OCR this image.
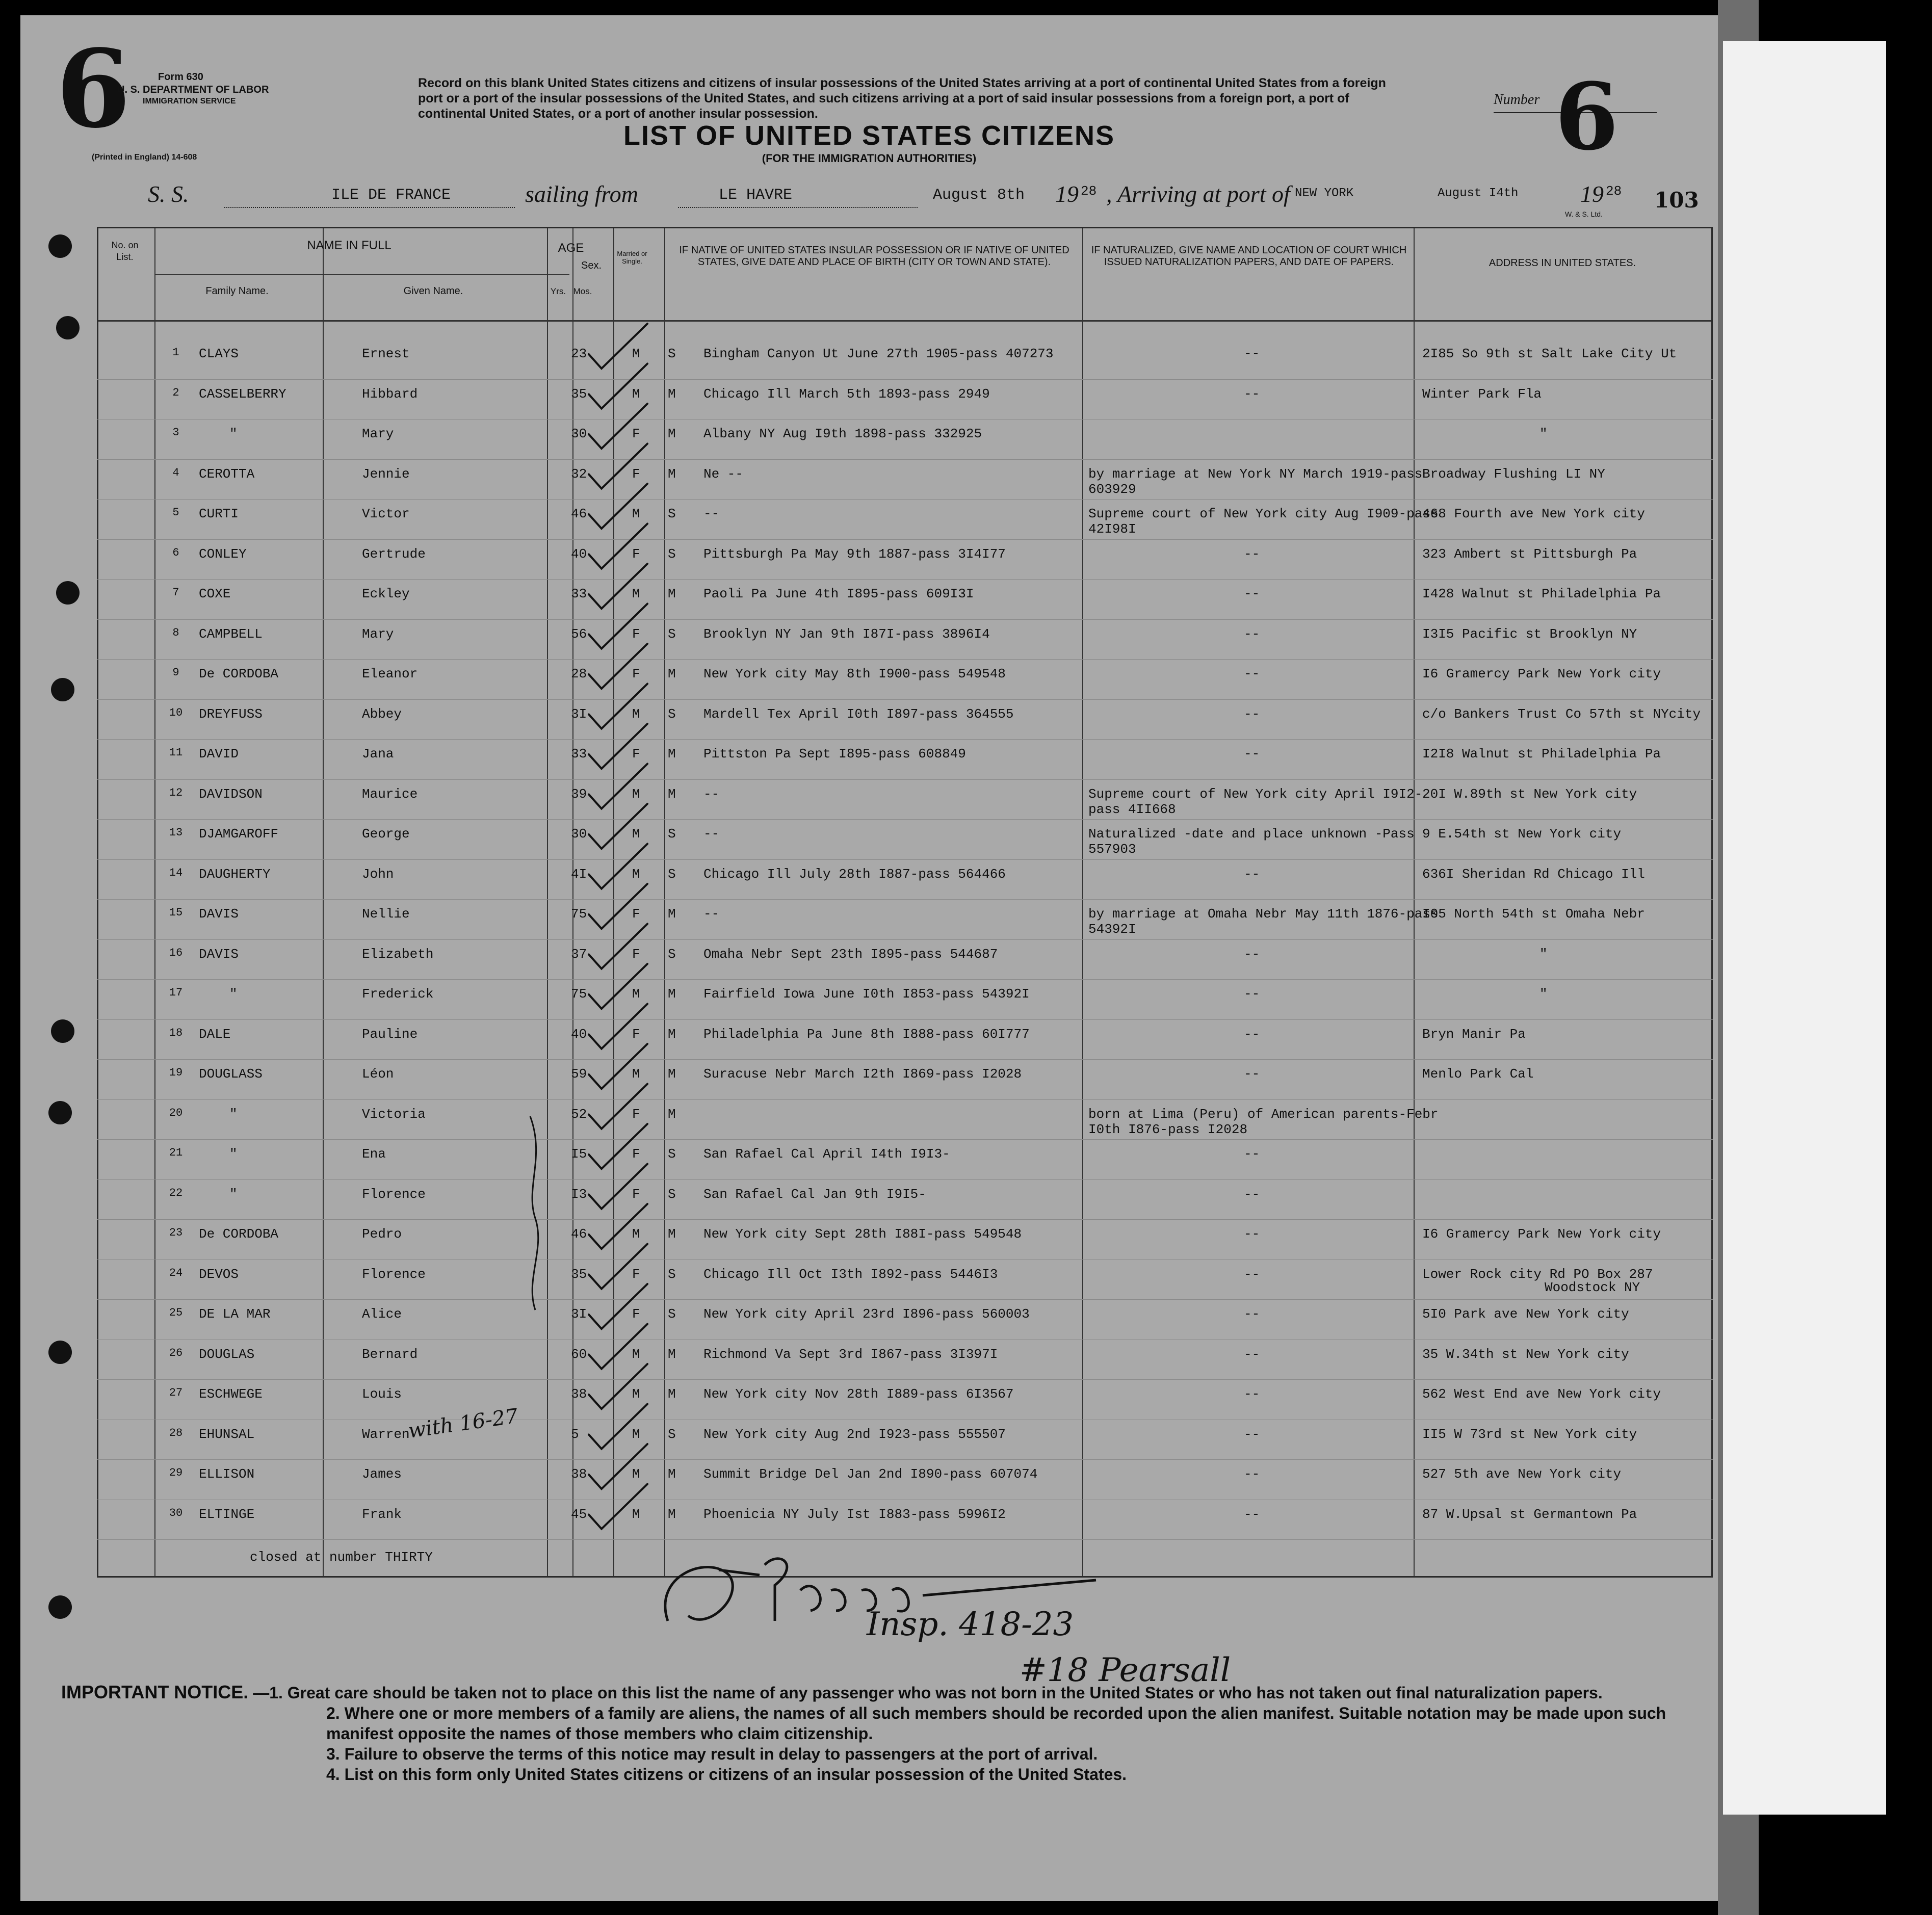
6	Form 630
U. S. DEPARTMENT OF LABOR
IMMIGRATION SERVICE
(Printed in England) 14-608
Record on this blank United States citizens and citizens of insular possessions of the United States arriving at a port of continental United States from a foreign port or a port of the insular possessions of the United States, and such citizens arriving at a port of said insular possessions from a foreign port, a port of continental United States, or a port of another insular possession.
LIST OF UNITED STATES CITIZENS
(FOR THE IMMIGRATION AUTHORITIES)
Number 6
103
W. & S. Ltd.
S. S.	ILE DE FRANCE	sailing from	LE HAVRE	August 8th 19 28 , Arriving at port of NEW YORK	August I4th	19 28
No. on List.
NAME IN FULL
Family Name.	Given Name.
AGE
Yrs. Mos.
Sex.
Married or Single.
IF NATIVE OF UNITED STATES INSULAR POSSESSION OR IF NATIVE OF UNITED STATES, GIVE DATE AND PLACE OF BIRTH (CITY OR TOWN AND STATE).
IF NATURALIZED, GIVE NAME AND LOCATION OF COURT WHICH ISSUED NATURALIZATION PAPERS, AND DATE OF PAPERS.	ADDRESS IN UNITED STATES.
1	CLAYS	Ernest	23	M S Bingham Canyon Ut June 27th 1905-pass 407273	--	2I85 So 9th st Salt Lake City Ut
2	CASSELBERRY	Hibbard	35	M M Chicago Ill March 5th 1893-pass 2949	--	Winter Park Fla
3	"	Mary	30	F M Albany NY Aug I9th 1898-pass 332925	"
4	CEROTTA	Jennie	32	F M Ne --	by marriage at New York NY March 1919-pass Broadway Flushing LI NY
603929
5	CURTI	Victor	46	M S --	Supreme court of New York city Aug I909-pass
468 Fourth ave New York city
42I98I
6	CONLEY	Gertrude	40	F S Pittsburgh Pa May 9th 1887-pass 3I4I77	--	323 Ambert st Pittsburgh Pa
7	COXE	Eckley	33	M M Paoli Pa June 4th I895-pass 609I3I	--	I428 Walnut st Philadelphia Pa
8	CAMPBELL	Mary	56	F S Brooklyn NY Jan 9th I87I-pass 3896I4	--	I3I5 Pacific st Brooklyn NY
9	De CORDOBA	Eleanor	28	F M New York city May 8th I900-pass 549548	--	I6 Gramercy Park New York city
10	DREYFUSS	Abbey	3I	M S Mardell Tex April I0th I897-pass 364555	--	c/o Bankers Trust Co 57th st NYcity
11	DAVID	Jana	33	F M Pittston Pa Sept I895-pass 608849	--	I2I8 Walnut st Philadelphia Pa
12	DAVIDSON	Maurice	39	M M --	Supreme court of New York city April I9I2- 20I W.89th st New York city
pass 4II668
13	DJAMGAROFF	George	30	M S --	Naturalized -date and place unknown -Pass 9 E.54th st New York city
557903
14	DAUGHERTY	John	4I	M S Chicago Ill July 28th I887-pass 564466	--	636I Sheridan Rd Chicago Ill
15	DAVIS	Nellie	75	F M --	by marriage at Omaha Nebr May 11th 1876-pass
I05 North 54th st Omaha Nebr
54392I
16	DAVIS	Elizabeth	37	F S Omaha Nebr Sept 23th I895-pass 544687	--	"
17	"	Frederick	75	M M Fairfield Iowa June I0th I853-pass 54392I	--	"
18	DALE	Pauline	40	F M Philadelphia Pa June 8th I888-pass 60I777	--	Bryn Manir Pa
19	DOUGLASS	Léon	59	M M Suracuse Nebr March I2th I869-pass I2028	--	Menlo Park Cal
20	"	Victoria	52	F M	born at Lima (Peru) of American parents-Febr
I0th I876-pass I2028
21	"	Ena	I5	F S San Rafael Cal April I4th I9I3-	--
22	"	Florence	I3	F S San Rafael Cal Jan 9th I9I5-	--
23	De CORDOBA	Pedro	46	M M New York city Sept 28th I88I-pass 549548	--	I6 Gramercy Park New York city
24	DEVOS	Florence	35	F S Chicago Ill Oct I3th I892-pass 5446I3	--	Lower Rock city Rd PO Box 287
Woodstock NY
25	DE LA MAR	Alice	3I	F S New York city April 23rd I896-pass 560003	--	5I0 Park ave New York city
26	DOUGLAS	Bernard	60	M M Richmond Va Sept 3rd I867-pass 3I397I	--	35 W.34th st New York city
27	ESCHWEGE	Louis	38	M M New York city Nov 28th I889-pass 6I3567	--	562 West End ave New York city
28	EHUNSAL	Warren	5	M S New York city Aug 2nd I923-pass 555507	--	II5 W 73rd st New York city
29	ELLISON	James	38	M M Summit Bridge Del Jan 2nd I890-pass 607074	--	527 5th ave New York city
30	ELTINGE	Frank	45	M M Phoenicia NY July Ist I883-pass 5996I2	--	87 W.Upsal st Germantown Pa
closed at number THIRTY
with 16-27
Insp. 418-23
#18 Pearsall
IMPORTANT NOTICE. —1. Great care should be taken not to place on this list the name of any passenger who was not born in the United States or who has not taken out final naturalization papers.
2. Where one or more members of a family are aliens, the names of all such members should be recorded upon the alien manifest. Suitable notation may be made upon such manifest opposite the names of those members who claim citizenship.
3. Failure to observe the terms of this notice may result in delay to passengers at the port of arrival.
4. List on this form only United States citizens or citizens of an insular possession of the United States.
